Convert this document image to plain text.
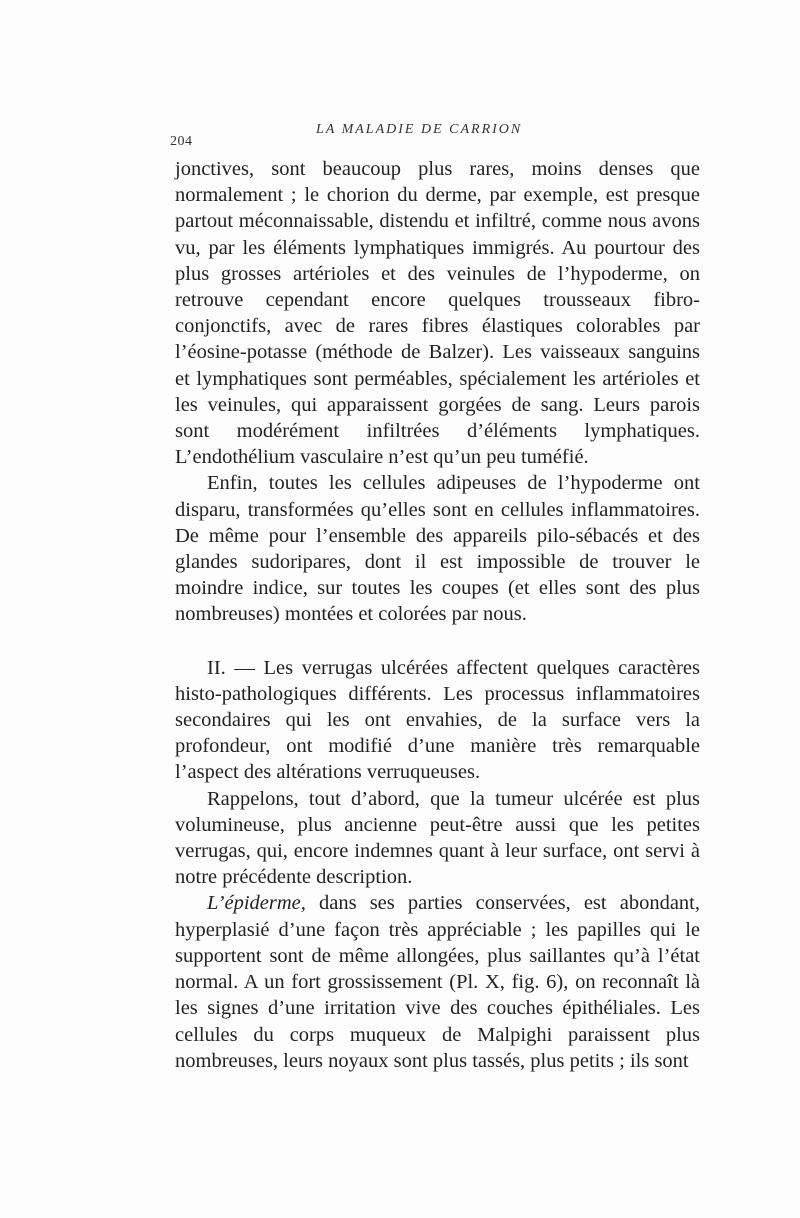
204
LA MALADIE DE CARRION

jonctives, sont beaucoup plus rares, moins denses que normalement ; le chorion du derme, par exemple, est presque partout méconnaissable, distendu et infiltré, comme nous avons vu, par les éléments lymphatiques immigrés. Au pourtour des plus grosses artérioles et des veinules de l’hypoderme, on retrouve cependant encore quelques trousseaux fibro-conjonctifs, avec de rares fibres élastiques colorables par l’éosine-potasse (méthode de Balzer). Les vaisseaux sanguins et lymphatiques sont perméables, spécialement les artérioles et les veinules, qui apparaissent gorgées de sang. Leurs parois sont modérément infiltrées d’éléments lymphatiques. L’endothélium vasculaire n’est qu’un peu tuméfié.

Enfin, toutes les cellules adipeuses de l’hypoderme ont disparu, transformées qu’elles sont en cellules inflammatoires. De même pour l’ensemble des appareils pilo-sébacés et des glandes sudoripares, dont il est impossible de trouver le moindre indice, sur toutes les coupes (et elles sont des plus nombreuses) montées et colorées par nous.

II. — Les verrugas ulcérées affectent quelques caractères histo-pathologiques différents. Les processus inflammatoires secondaires qui les ont envahies, de la surface vers la profondeur, ont modifié d’une manière très remarquable l’aspect des altérations verruqueuses.

Rappelons, tout d’abord, que la tumeur ulcérée est plus volumineuse, plus ancienne peut-être aussi que les petites verrugas, qui, encore indemnes quant à leur surface, ont servi à notre précédente description.

L’épiderme, dans ses parties conservées, est abondant, hyperplasié d’une façon très appréciable ; les papilles qui le supportent sont de même allongées, plus saillantes qu’à l’état normal. A un fort grossissement (Pl. X, fig. 6), on reconnaît là les signes d’une irritation vive des couches épithéliales. Les cellules du corps muqueux de Malpighi paraissent plus nombreuses, leurs noyaux sont plus tassés, plus petits ; ils sont
